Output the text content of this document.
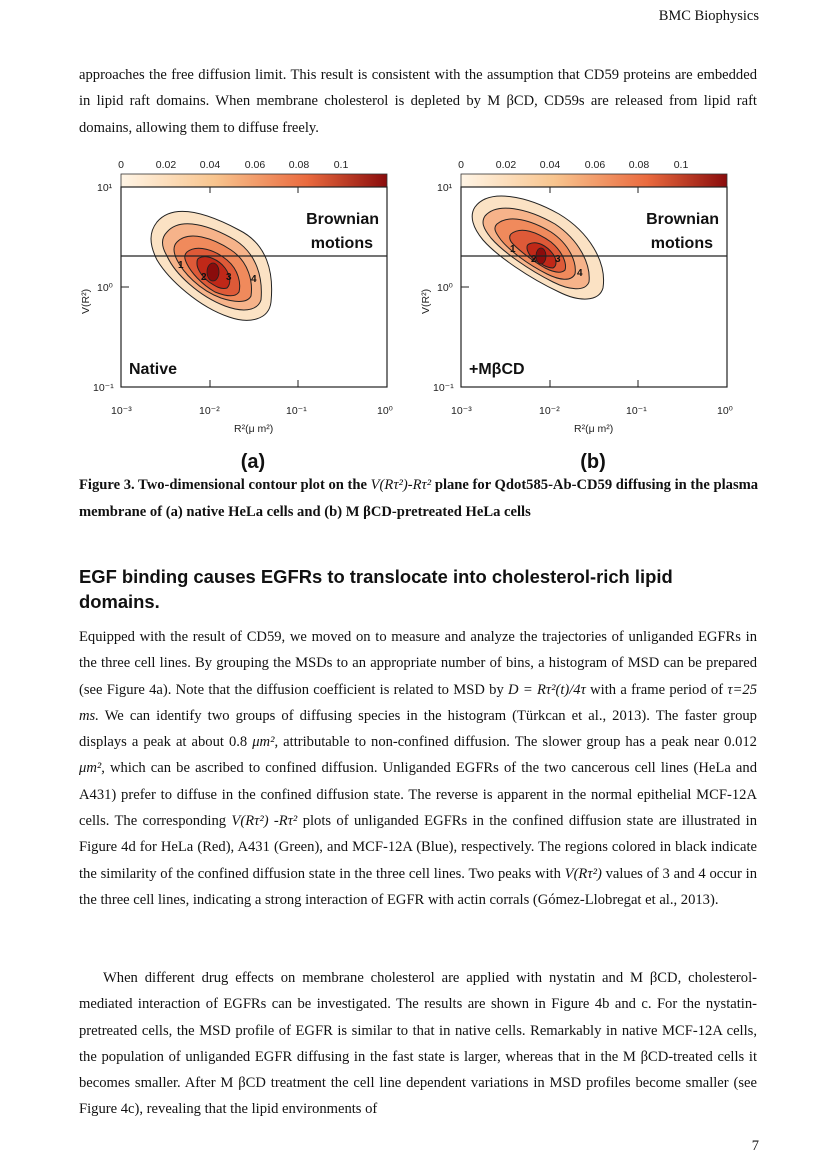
BMC Biophysics

approaches the free diffusion limit. This result is consistent with the assumption that CD59 proteins are embedded in lipid raft domains. When membrane cholesterol is depleted by M βCD, CD59s are released from lipid raft domains, allowing them to diffuse freely.

0	0.02 0.04 0.06 0.08 0.1
1
2 3 4
Brownian
motions
Native
10¹
10⁰
10⁻¹
10⁻³	10⁻²	10⁻¹	10⁰
R²(μ m²)
V(R²)
(a)
0	0.02 0.04 0.06 0.08 0.1
1
2 3
4
Brownian
motions
+MβCD
10¹
10⁰
10⁻¹
10⁻³	10⁻²	10⁻¹	10⁰
R²(μ m²)
V(R²)
(b)

Figure 3. Two-dimensional contour plot on the V(Rτ²)-Rτ² plane for Qdot585-Ab-CD59 diffusing in the plasma membrane of (a) native HeLa cells and (b) M βCD-pretreated HeLa cells

EGF binding causes EGFRs to translocate into cholesterol-rich lipid domains.

Equipped with the result of CD59, we moved on to measure and analyze the trajectories of unliganded EGFRs in the three cell lines. By grouping the MSDs to an appropriate number of bins, a histogram of MSD can be prepared (see Figure 4a). Note that the diffusion coefficient is related to MSD by D = Rτ²(t)/4τ with a frame period of τ=25 ms. We can identify two groups of diffusing species in the histogram (Türkcan et al., 2013). The faster group displays a peak at about 0.8 μm², attributable to non-confined diffusion. The slower group has a peak near 0.012 μm², which can be ascribed to confined diffusion. Unliganded EGFRs of the two cancerous cell lines (HeLa and A431) prefer to diffuse in the confined diffusion state. The reverse is apparent in the normal epithelial MCF-12A cells. The corresponding V(Rτ²) -Rτ² plots of unliganded EGFRs in the confined diffusion state are illustrated in Figure 4d for HeLa (Red), A431 (Green), and MCF-12A (Blue), respectively. The regions colored in black indicate the similarity of the confined diffusion state in the three cell lines. Two peaks with V(Rτ²) values of 3 and 4 occur in the three cell lines, indicating a strong interaction of EGFR with actin corrals (Gómez-Llobregat et al., 2013).

When different drug effects on membrane cholesterol are applied with nystatin and M βCD, cholesterol-mediated interaction of EGFRs can be investigated. The results are shown in Figure 4b and c. For the nystatin-pretreated cells, the MSD profile of EGFR is similar to that in native cells. Remarkably in native MCF-12A cells, the population of unliganded EGFR diffusing in the fast state is larger, whereas that in the M βCD-treated cells it becomes smaller. After M βCD treatment the cell line dependent variations in MSD profiles become smaller (see Figure 4c), revealing that the lipid environments of

7
